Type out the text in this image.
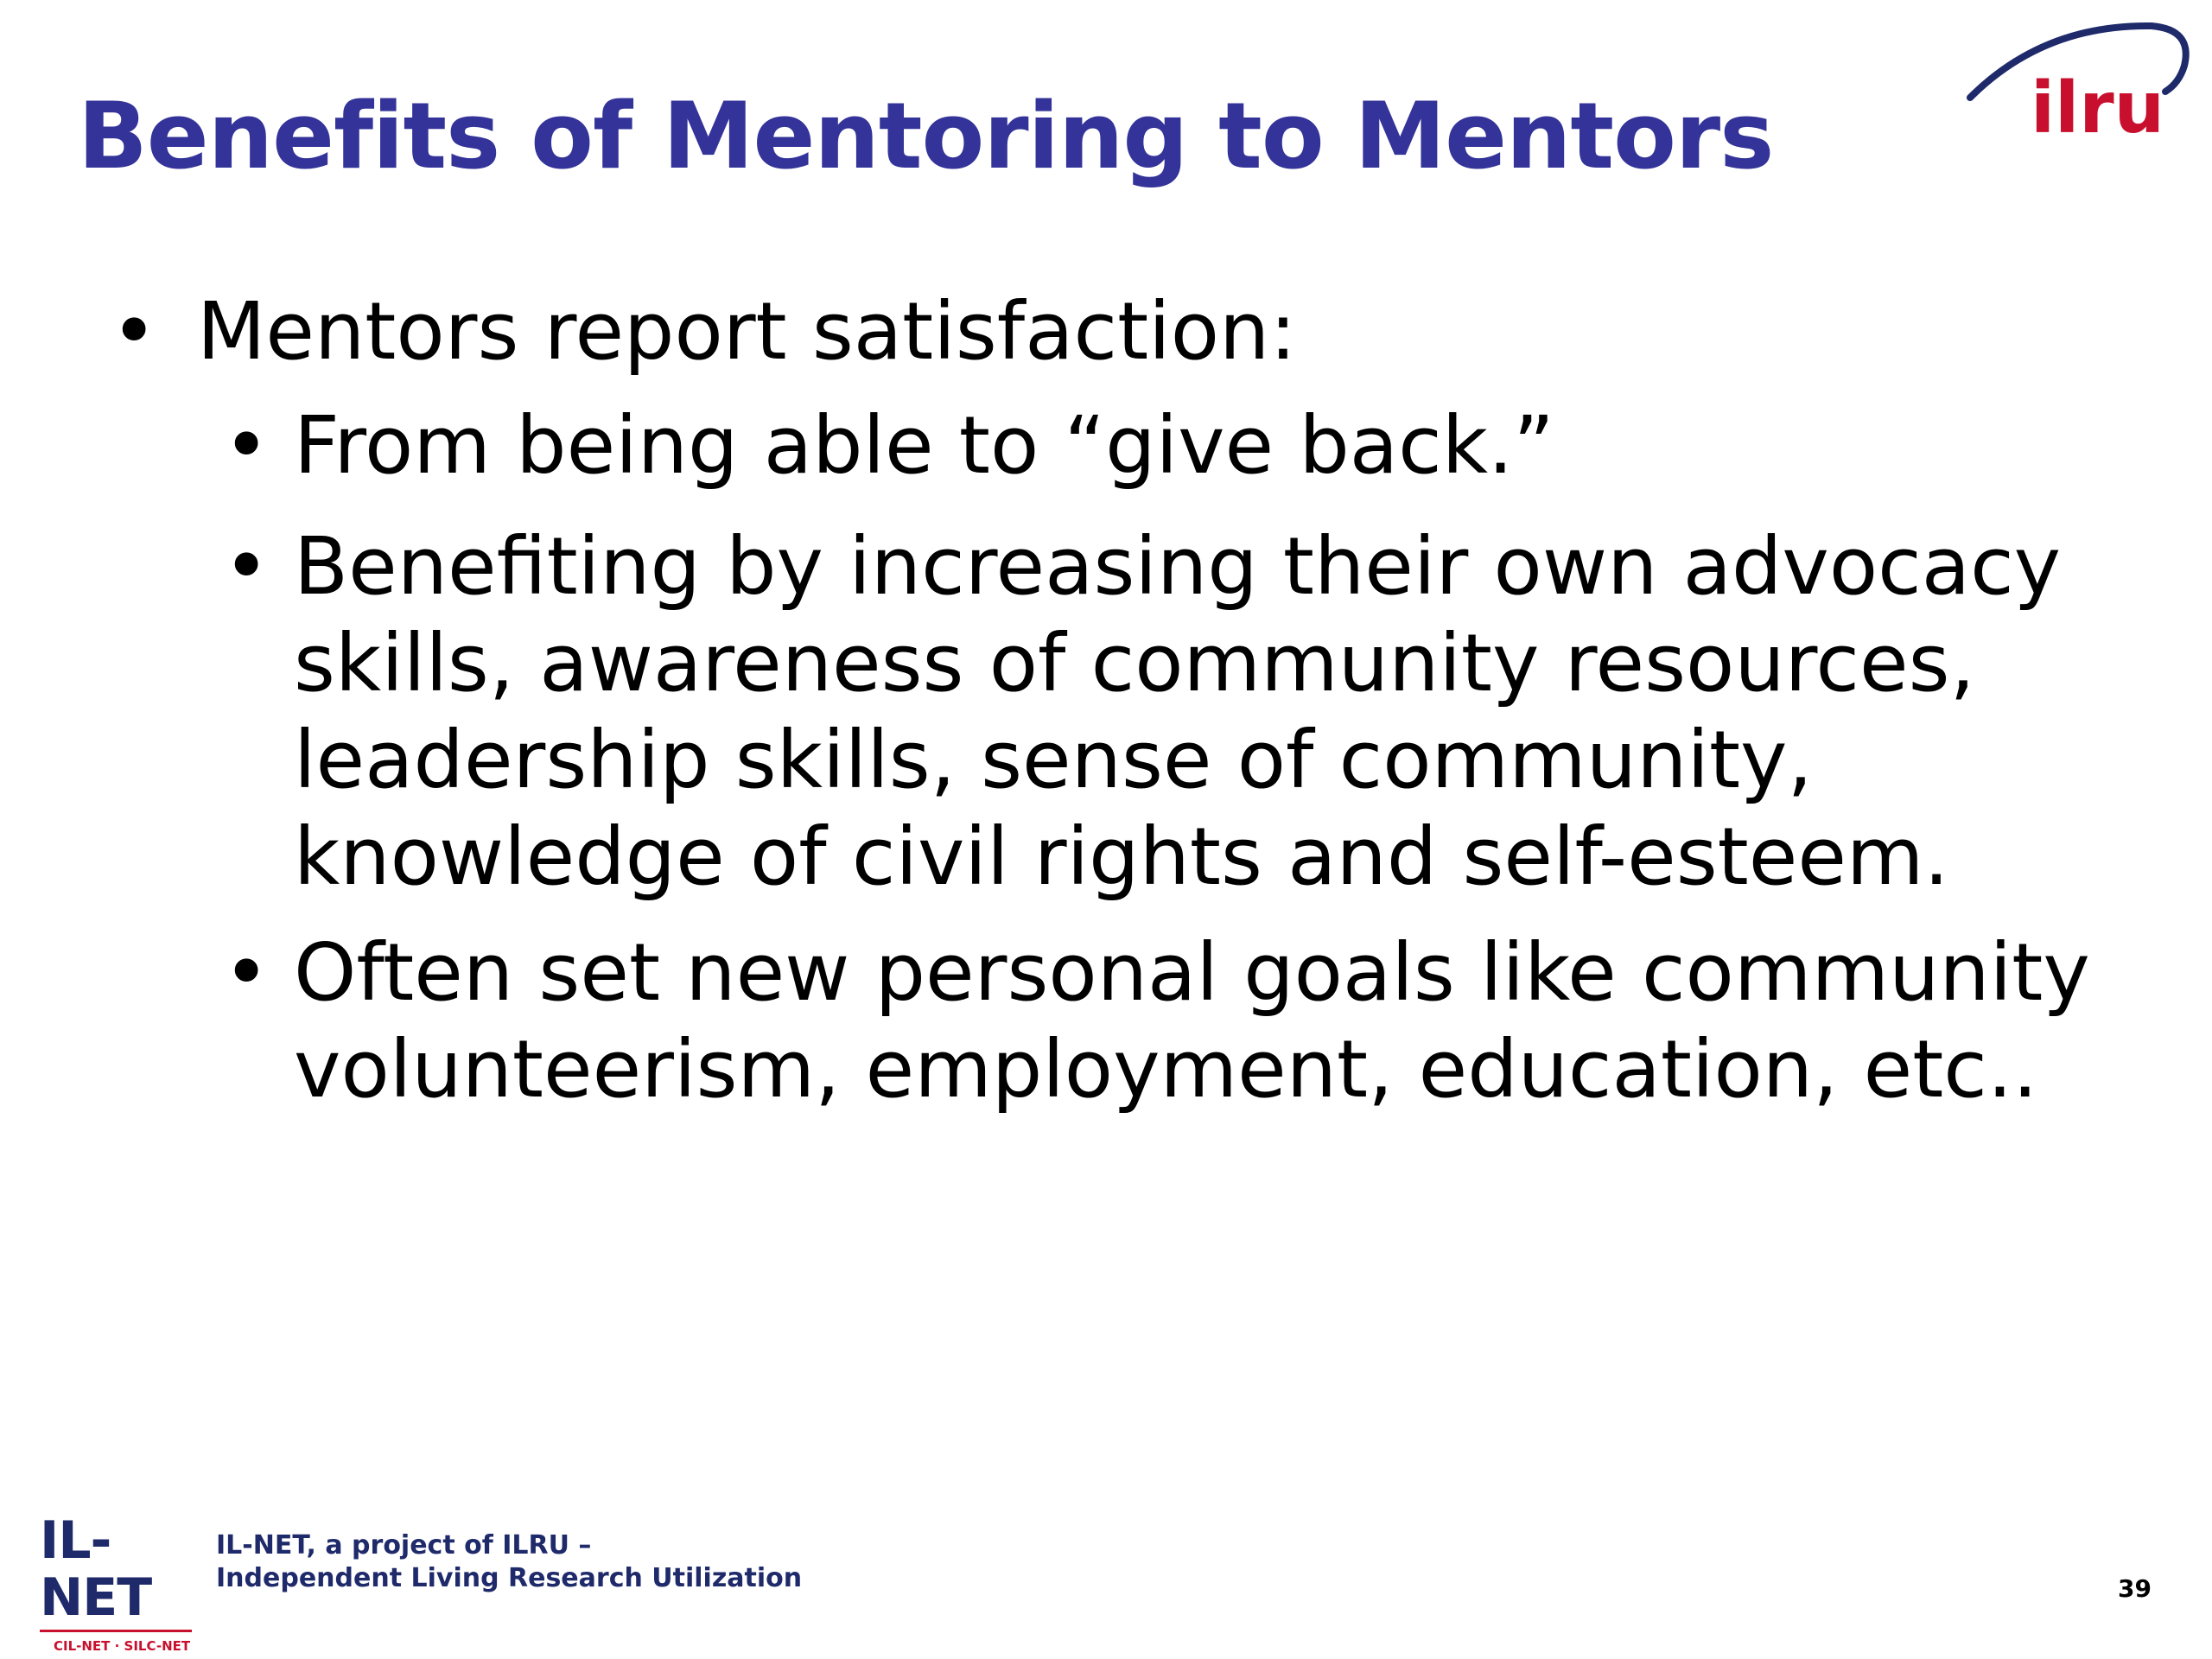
Benefits of Mentoring to Mentors	ilru
• Mentors report satisfaction:
• From being able to “give back.”
• Benefiting by increasing their own advocacy skills, awareness of community resources, leadership skills, sense of community, knowledge of civil rights and self-esteem.
• Often set new personal goals like community volunteerism, employment, education, etc..
IL-NET
CIL-NET · SILC-NET
IL-NET, a project of ILRU –
Independent Living Research Utilization	39
